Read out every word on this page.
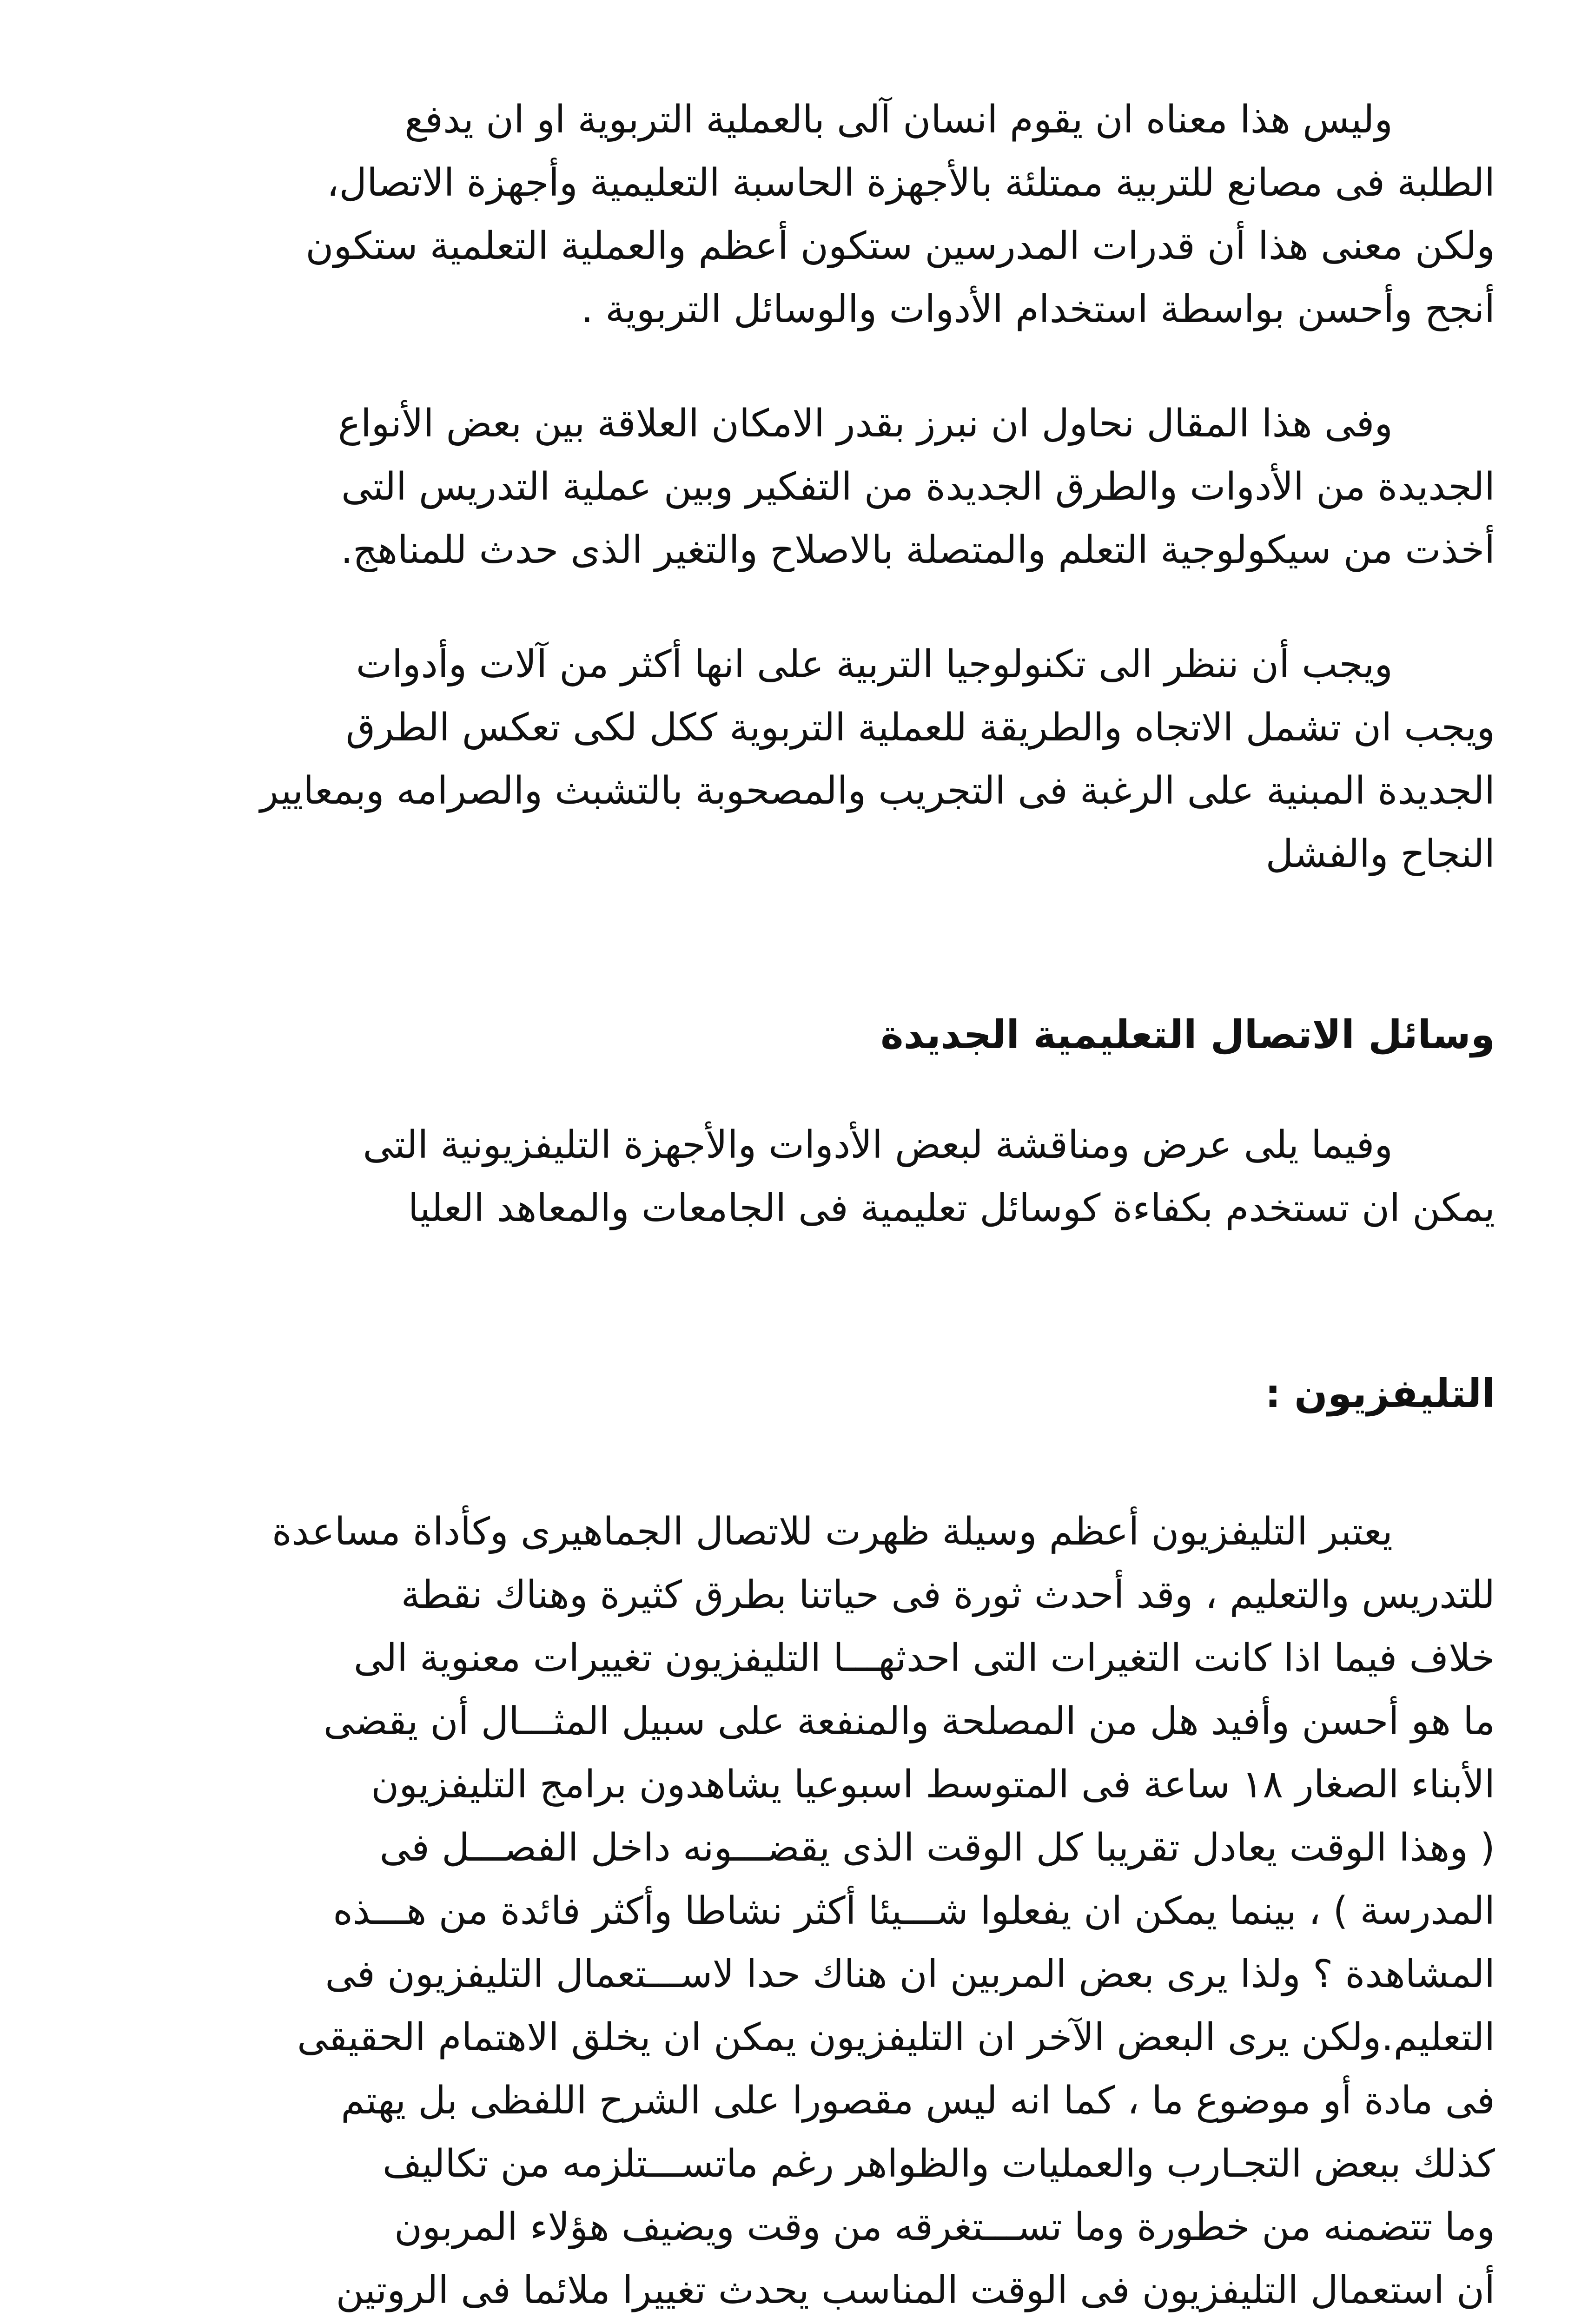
وليس هذا معناه ان يقوم انسان آلى بالعملية التربوية او ان يدفع
الطلبة فى مصانع للتربية ممتلئة بالأجهزة الحاسبة التعليمية وأجهزة الاتصال،
ولكن معنى هذا أن قدرات المدرسين ستكون أعظم والعملية التعلمية ستكون
أنجح وأحسن بواسطة استخدام الأدوات والوسائل التربوية .

وفى هذا المقال نحاول ان نبرز بقدر الامكان العلاقة بين بعض الأنواع
الجديدة من الأدوات والطرق الجديدة من التفكير وبين عملية التدريس التى
أخذت من سيكولوجية التعلم والمتصلة بالاصلاح والتغير الذى حدث للمناهج.

ويجب أن ننظر الى تكنولوجيا التربية على انها أكثر من آلات وأدوات
ويجب ان تشمل الاتجاه والطريقة للعملية التربوية ككل لكى تعكس الطرق
الجديدة المبنية على الرغبة فى التجريب والمصحوبة بالتشبث والصرامه وبمعايير
النجاح والفشل

وسائل الاتصال التعليمية الجديدة

وفيما يلى عرض ومناقشة لبعض الأدوات والأجهزة التليفزيونية التى
يمكن ان تستخدم بكفاءة كوسائل تعليمية فى الجامعات والمعاهد العليا

التليفزيون :

يعتبر التليفزيون أعظم وسيلة ظهرت للاتصال الجماهيرى وكأداة مساعدة
للتدريس والتعليم ، وقد أحدث ثورة فى حياتنا بطرق كثيرة وهناك نقطة
خلاف فيما اذا كانت التغيرات التى احدثهـــا التليفزيون تغييرات معنوية الى
ما هو أحسن وأفيد هل من المصلحة والمنفعة على سبيل المثـــال أن يقضى
الأبناء الصغار ١٨ ساعة فى المتوسط اسبوعيا يشاهدون برامج التليفزيون
( وهذا الوقت يعادل تقريبا كل الوقت الذى يقضـــونه داخل الفصـــل فى
المدرسة ) ، بينما يمكن ان يفعلوا شـــيئا أكثر نشاطا وأكثر فائدة من هـــذه
المشاهدة ؟ ولذا يرى بعض المربين ان هناك حدا لاســـتعمال التليفزيون فى
التعليم.ولكن يرى البعض الآخر ان التليفزيون يمكن ان يخلق الاهتمام الحقيقى
فى مادة أو موضوع ما ، كما انه ليس مقصورا على الشرح اللفظى بل يهتم
كذلك ببعض التجـارب والعمليات والظواهر رغم ماتســـتلزمه من تكاليف
وما تتضمنه من خطورة وما تســـتغرقه من وقت ويضيف هؤلاء المربون
أن استعمال التليفزيون فى الوقت المناسب يحدث تغييرا ملائما فى الروتين
